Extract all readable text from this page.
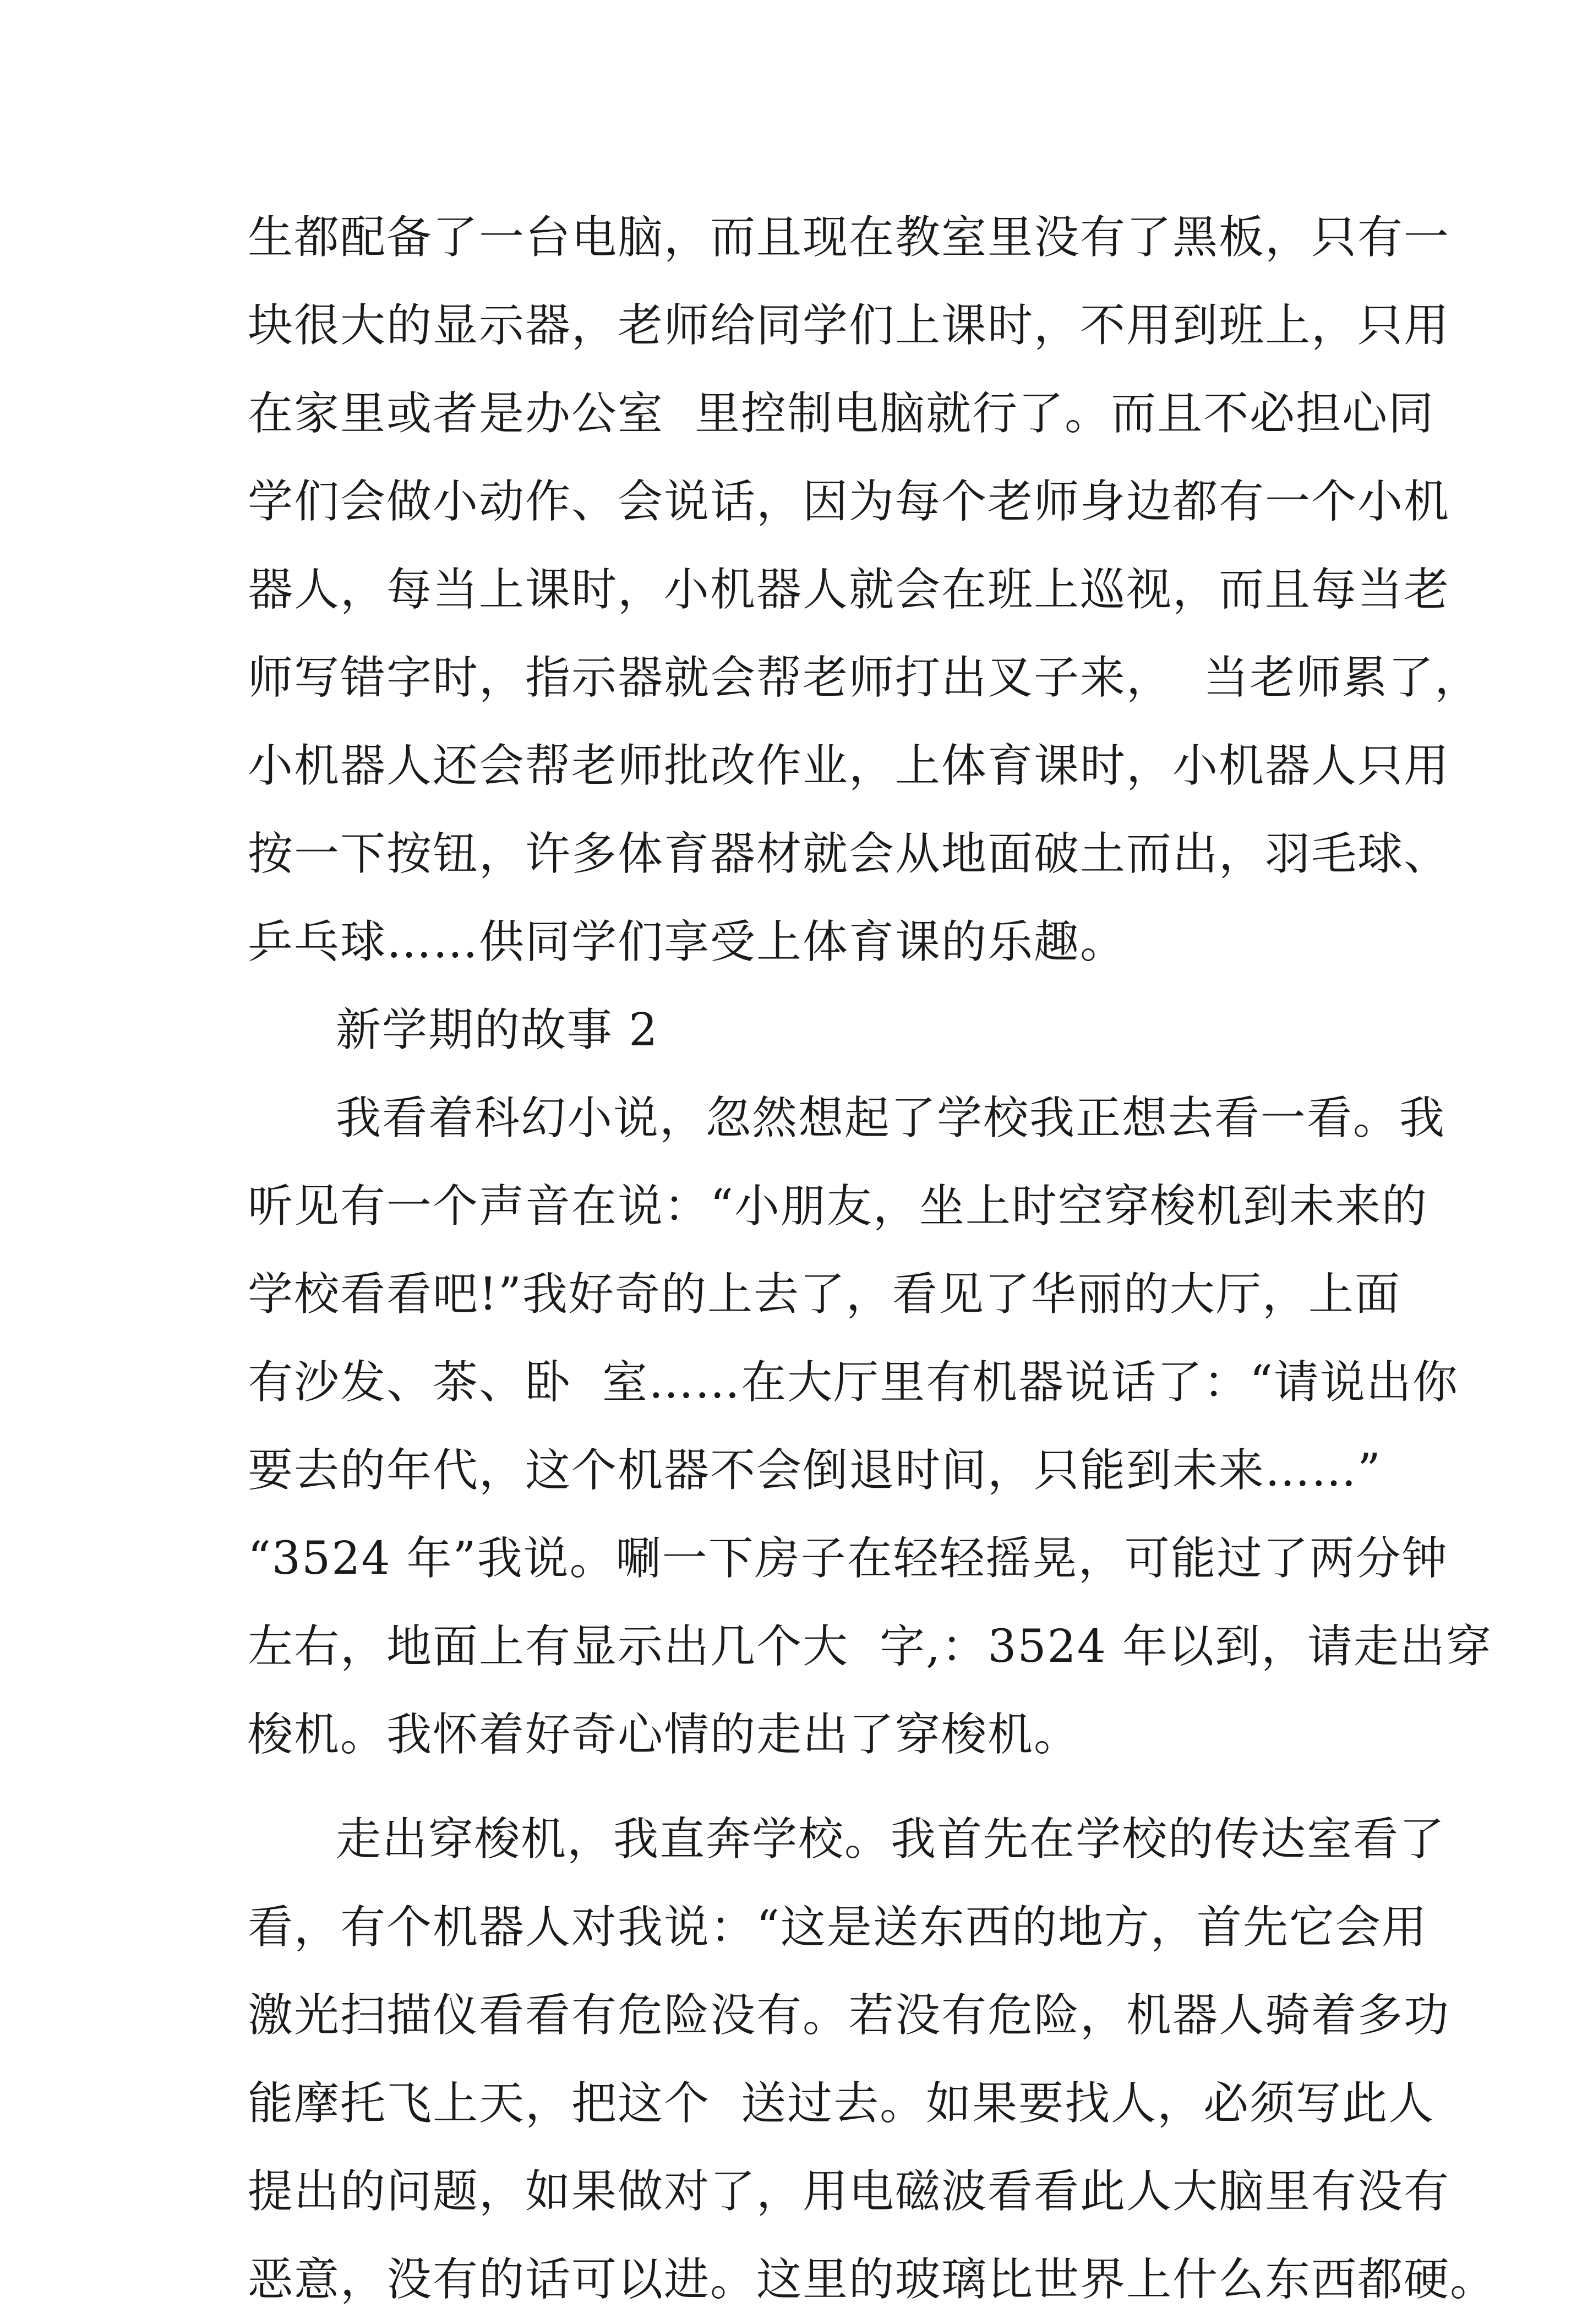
生都配备了一台电脑，而且现在教室里没有了黑板，只有一
块很大的显示器，老师给同学们上课时，不用到班上，只用
在家里或者是办公室  里控制电脑就行了。而且不必担心同
学们会做小动作、会说话，因为每个老师身边都有一个小机
器人，每当上课时，小机器人就会在班上巡视，而且每当老
师写错字时，指示器就会帮老师打出叉子来，  当老师累了，
小机器人还会帮老师批改作业，上体育课时，小机器人只用
按一下按钮，许多体育器材就会从地面破土而出，羽毛球、
乒乓球……供同学们享受上体育课的乐趣。
新学期的故事 2
我看着科幻小说，忽然想起了学校我正想去看一看。我
听见有一个声音在说：“小朋友，坐上时空穿梭机到未来的
学校看看吧!”我好奇的上去了，看见了华丽的大厅，上面
有沙发、茶、卧  室……在大厅里有机器说话了：“请说出你
要去的年代，这个机器不会倒退时间，只能到未来……”
“3524 年”我说。唰一下房子在轻轻摇晃，可能过了两分钟
左右，地面上有显示出几个大  字,：3524 年以到，请走出穿
梭机。我怀着好奇心情的走出了穿梭机。
走出穿梭机，我直奔学校。我首先在学校的传达室看了
看，有个机器人对我说：“这是送东西的地方，首先它会用
激光扫描仪看看有危险没有。若没有危险，机器人骑着多功
能摩托飞上天，把这个  送过去。如果要找人，必须写此人
提出的问题，如果做对了，用电磁波看看此人大脑里有没有
恶意，没有的话可以进。这里的玻璃比世界上什么东西都硬。
